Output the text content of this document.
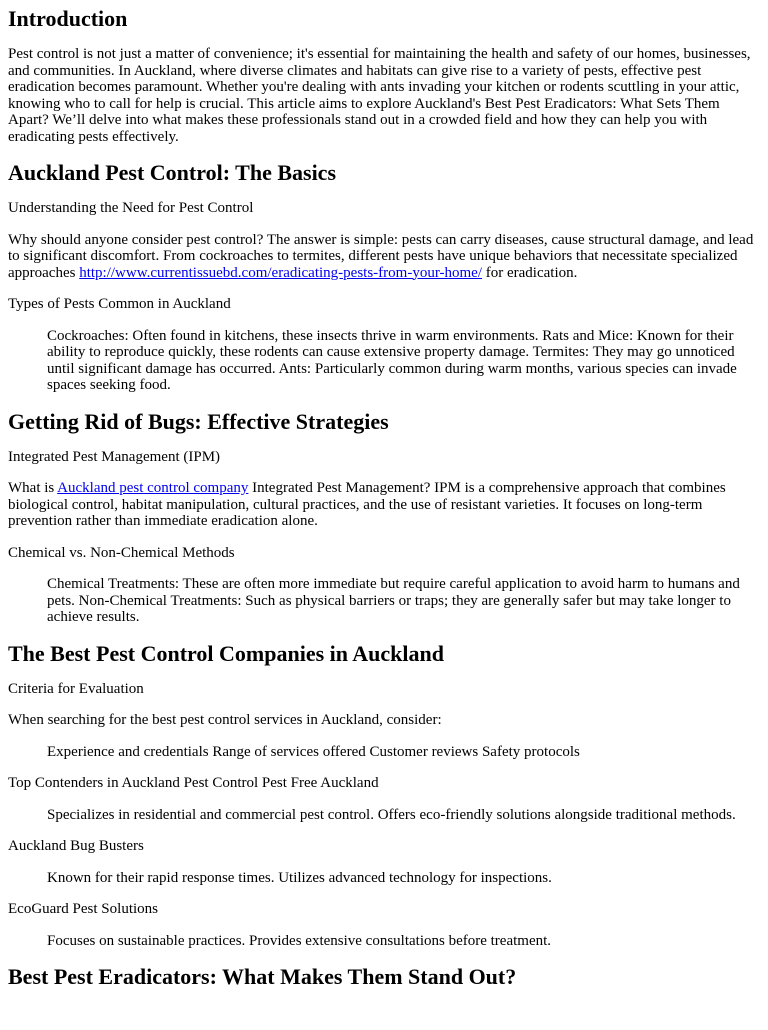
Introduction

Pest control is not just a matter of convenience; it's essential for maintaining the health and safety of our homes, businesses, and communities. In Auckland, where diverse climates and habitats can give rise to a variety of pests, effective pest eradication becomes paramount. Whether you're dealing with ants invading your kitchen or rodents scuttling in your attic, knowing who to call for help is crucial. This article aims to explore Auckland's Best Pest Eradicators: What Sets Them Apart? We’ll delve into what makes these professionals stand out in a crowded field and how they can help you with eradicating pests effectively.

Auckland Pest Control: The Basics

Understanding the Need for Pest Control

Why should anyone consider pest control? The answer is simple: pests can carry diseases, cause structural damage, and lead to significant discomfort. From cockroaches to termites, different pests have unique behaviors that necessitate specialized approaches http://www.currentissuebd.com/eradicating-pests-from-your-home/ for eradication.

Types of Pests Common in Auckland

Cockroaches: Often found in kitchens, these insects thrive in warm environments. Rats and Mice: Known for their ability to reproduce quickly, these rodents can cause extensive property damage. Termites: They may go unnoticed until significant damage has occurred. Ants: Particularly common during warm months, various species can invade spaces seeking food.

Getting Rid of Bugs: Effective Strategies

Integrated Pest Management (IPM)

What is Auckland pest control company Integrated Pest Management? IPM is a comprehensive approach that combines biological control, habitat manipulation, cultural practices, and the use of resistant varieties. It focuses on long-term prevention rather than immediate eradication alone.

Chemical vs. Non-Chemical Methods

Chemical Treatments: These are often more immediate but require careful application to avoid harm to humans and pets. Non-Chemical Treatments: Such as physical barriers or traps; they are generally safer but may take longer to achieve results.

The Best Pest Control Companies in Auckland

Criteria for Evaluation

When searching for the best pest control services in Auckland, consider:

Experience and credentials Range of services offered Customer reviews Safety protocols

Top Contenders in Auckland Pest Control Pest Free Auckland

Specializes in residential and commercial pest control. Offers eco-friendly solutions alongside traditional methods.

Auckland Bug Busters

Known for their rapid response times. Utilizes advanced technology for inspections.

EcoGuard Pest Solutions

Focuses on sustainable practices. Provides extensive consultations before treatment.

Best Pest Eradicators: What Makes Them Stand Out?
